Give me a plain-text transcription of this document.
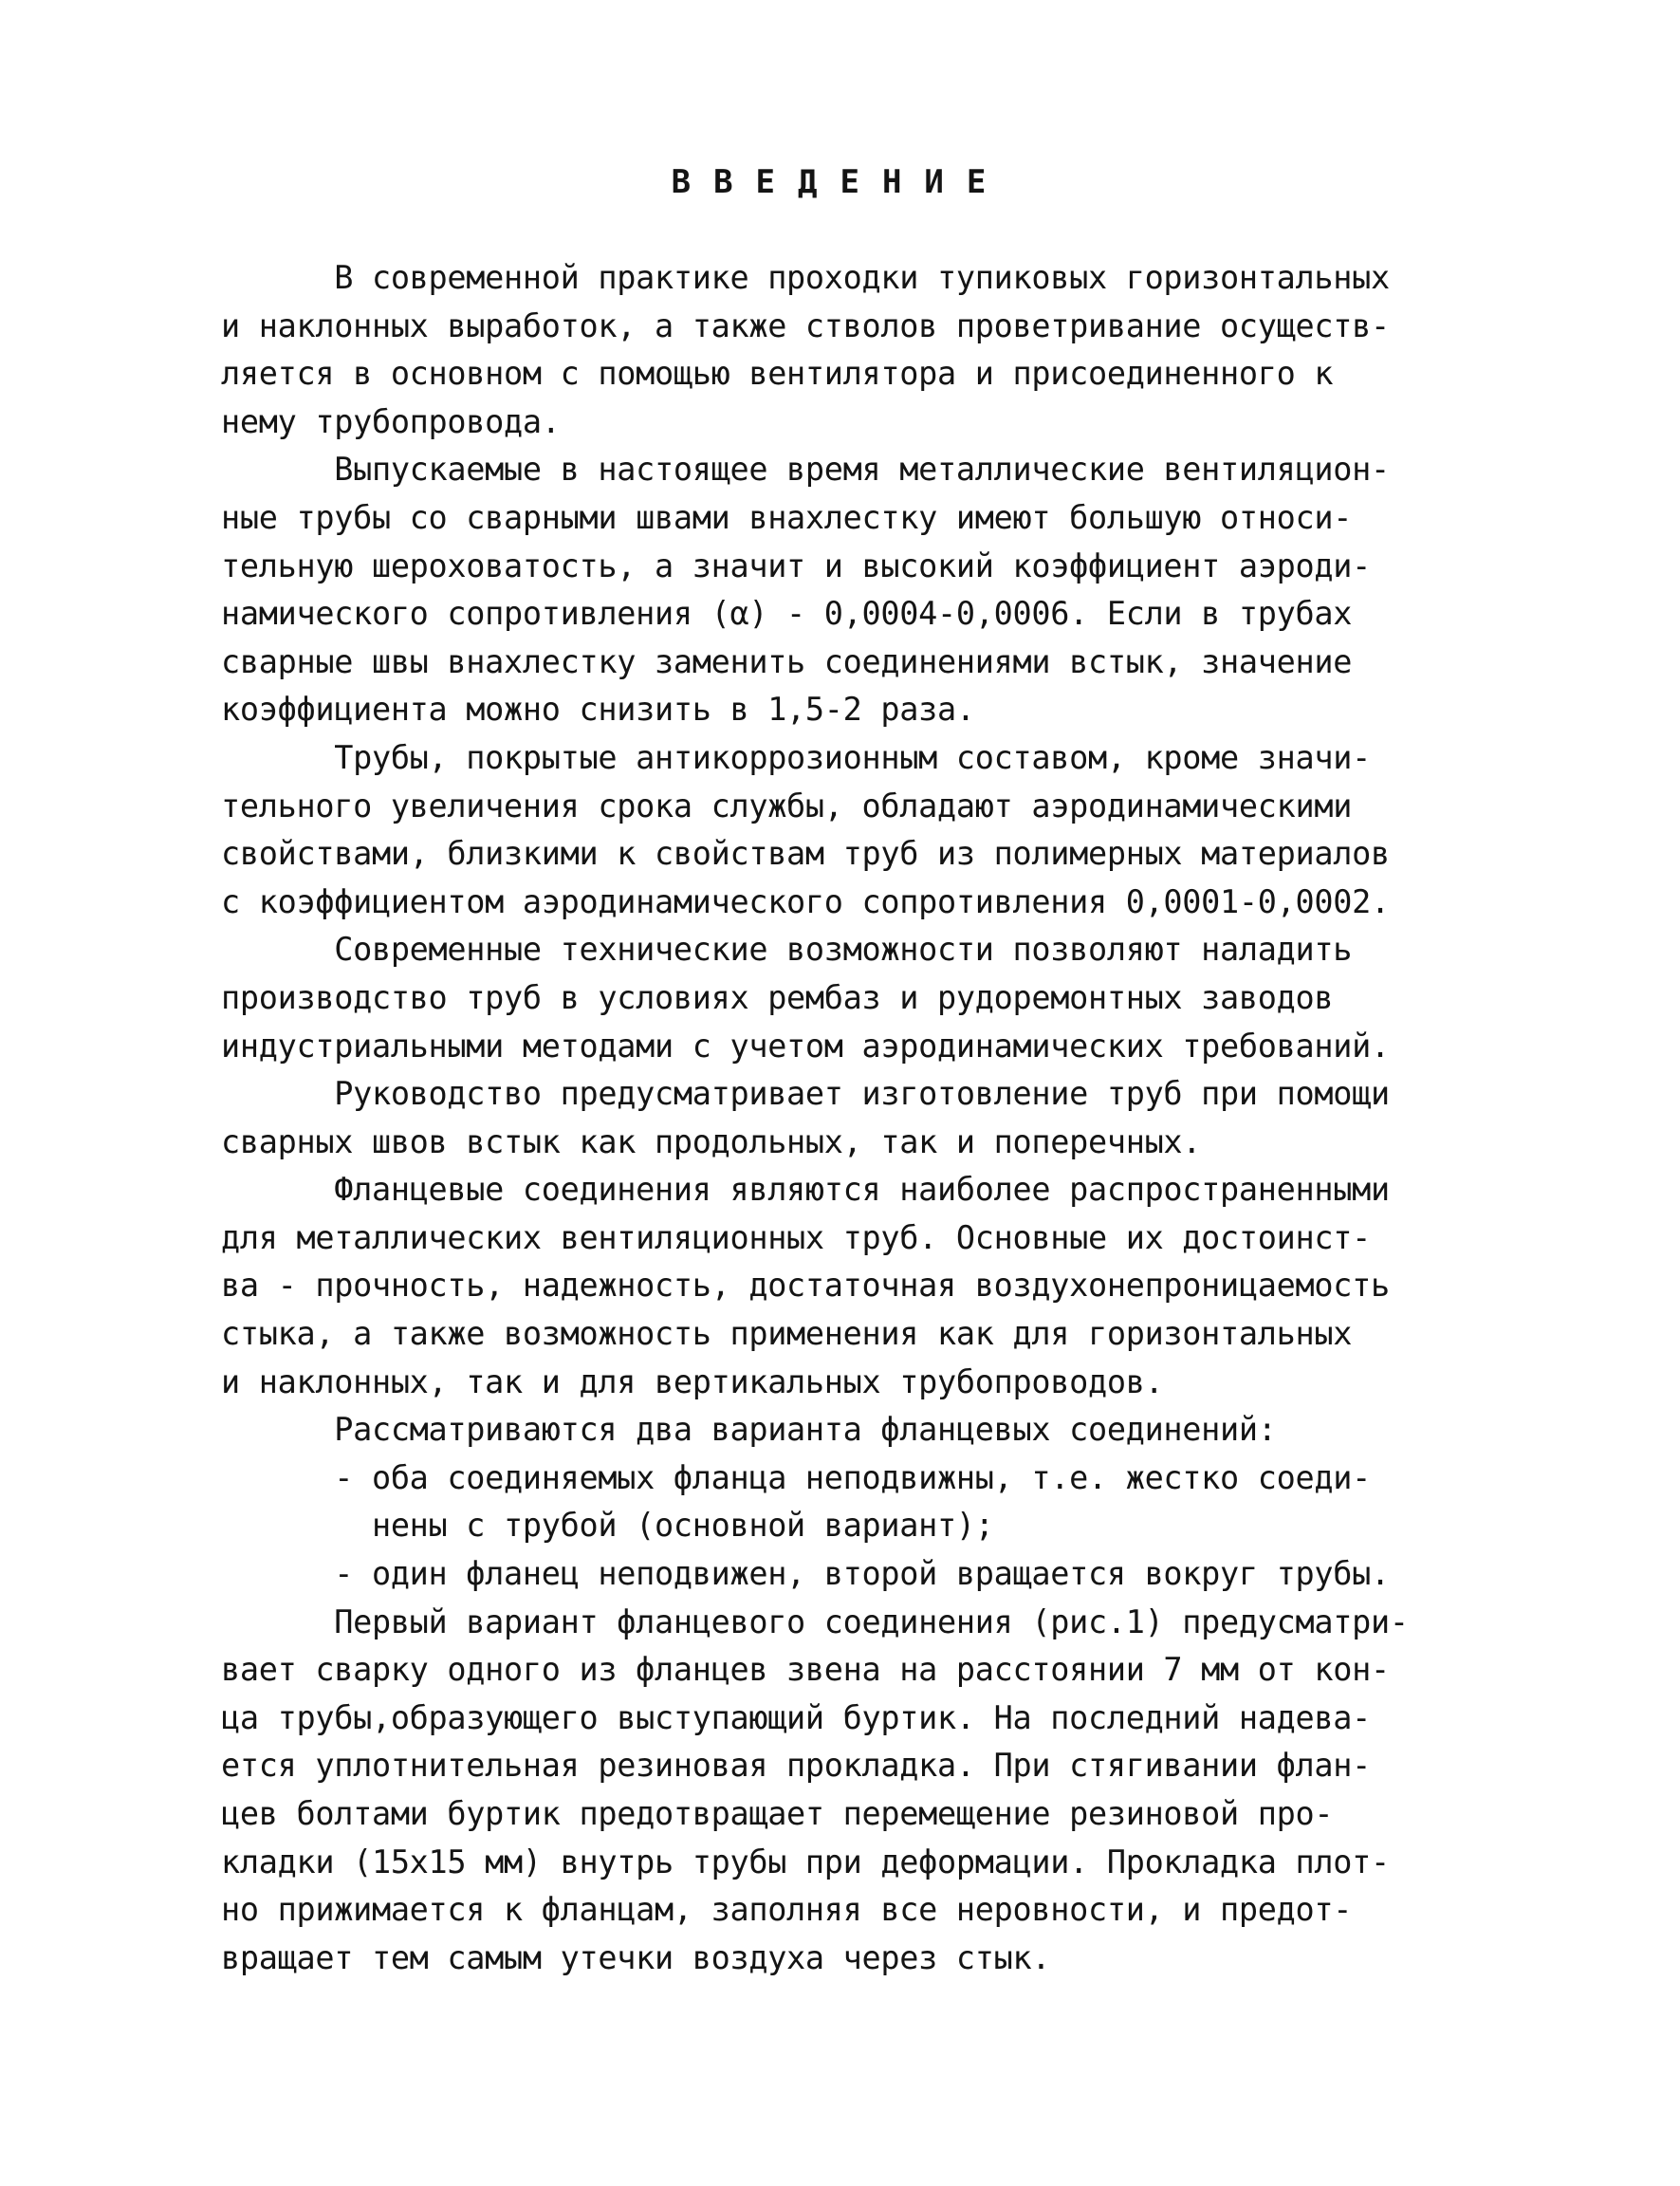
ВВЕДЕНИЕ
В современной практике проходки тупиковых горизонтальных
и наклонных выработок, а также стволов проветривание осуществ-
ляется в основном с помощью вентилятора и присоединенного к
нему трубопровода.
Выпускаемые в настоящее время металлические вентиляцион-
ные трубы со сварными швами внахлестку имеют большую относи-
тельную шероховатость, а значит и высокий коэффициент аэроди-
намического сопротивления (α) - 0,0004-0,0006. Если в трубах
сварные швы внахлестку заменить соединениями встык, значение
коэффициента можно снизить в 1,5-2 раза.
Трубы, покрытые антикоррозионным составом, кроме значи-
тельного увеличения срока службы, обладают аэродинамическими
свойствами, близкими к свойствам труб из полимерных материалов
с коэффициентом аэродинамического сопротивления 0,0001-0,0002.
Современные технические возможности позволяют наладить
производство труб в условиях рембаз и рудоремонтных заводов
индустриальными методами с учетом аэродинамических требований.
Руководство предусматривает изготовление труб при помощи
сварных швов встык как продольных, так и поперечных.
Фланцевые соединения являются наиболее распространенными
для металлических вентиляционных труб. Основные их достоинст-
ва - прочность, надежность, достаточная воздухонепроницаемость
стыка, а также возможность применения как для горизонтальных
и наклонных, так и для вертикальных трубопроводов.
Рассматриваются два варианта фланцевых соединений:
- оба соединяемых фланца неподвижны, т.е. жестко соеди-
нены с трубой (основной вариант);
- один фланец неподвижен, второй вращается вокруг трубы.
Первый вариант фланцевого соединения (рис.1) предусматри-
вает сварку одного из фланцев звена на расстоянии 7 мм от кон-
ца трубы,образующего выступающий буртик. На последний надева-
ется уплотнительная резиновая прокладка. При стягивании флан-
цев болтами буртик предотвращает перемещение резиновой про-
кладки (15х15 мм) внутрь трубы при деформации. Прокладка плот-
но прижимается к фланцам, заполняя все неровности, и предот-
вращает тем самым утечки воздуха через стык.
